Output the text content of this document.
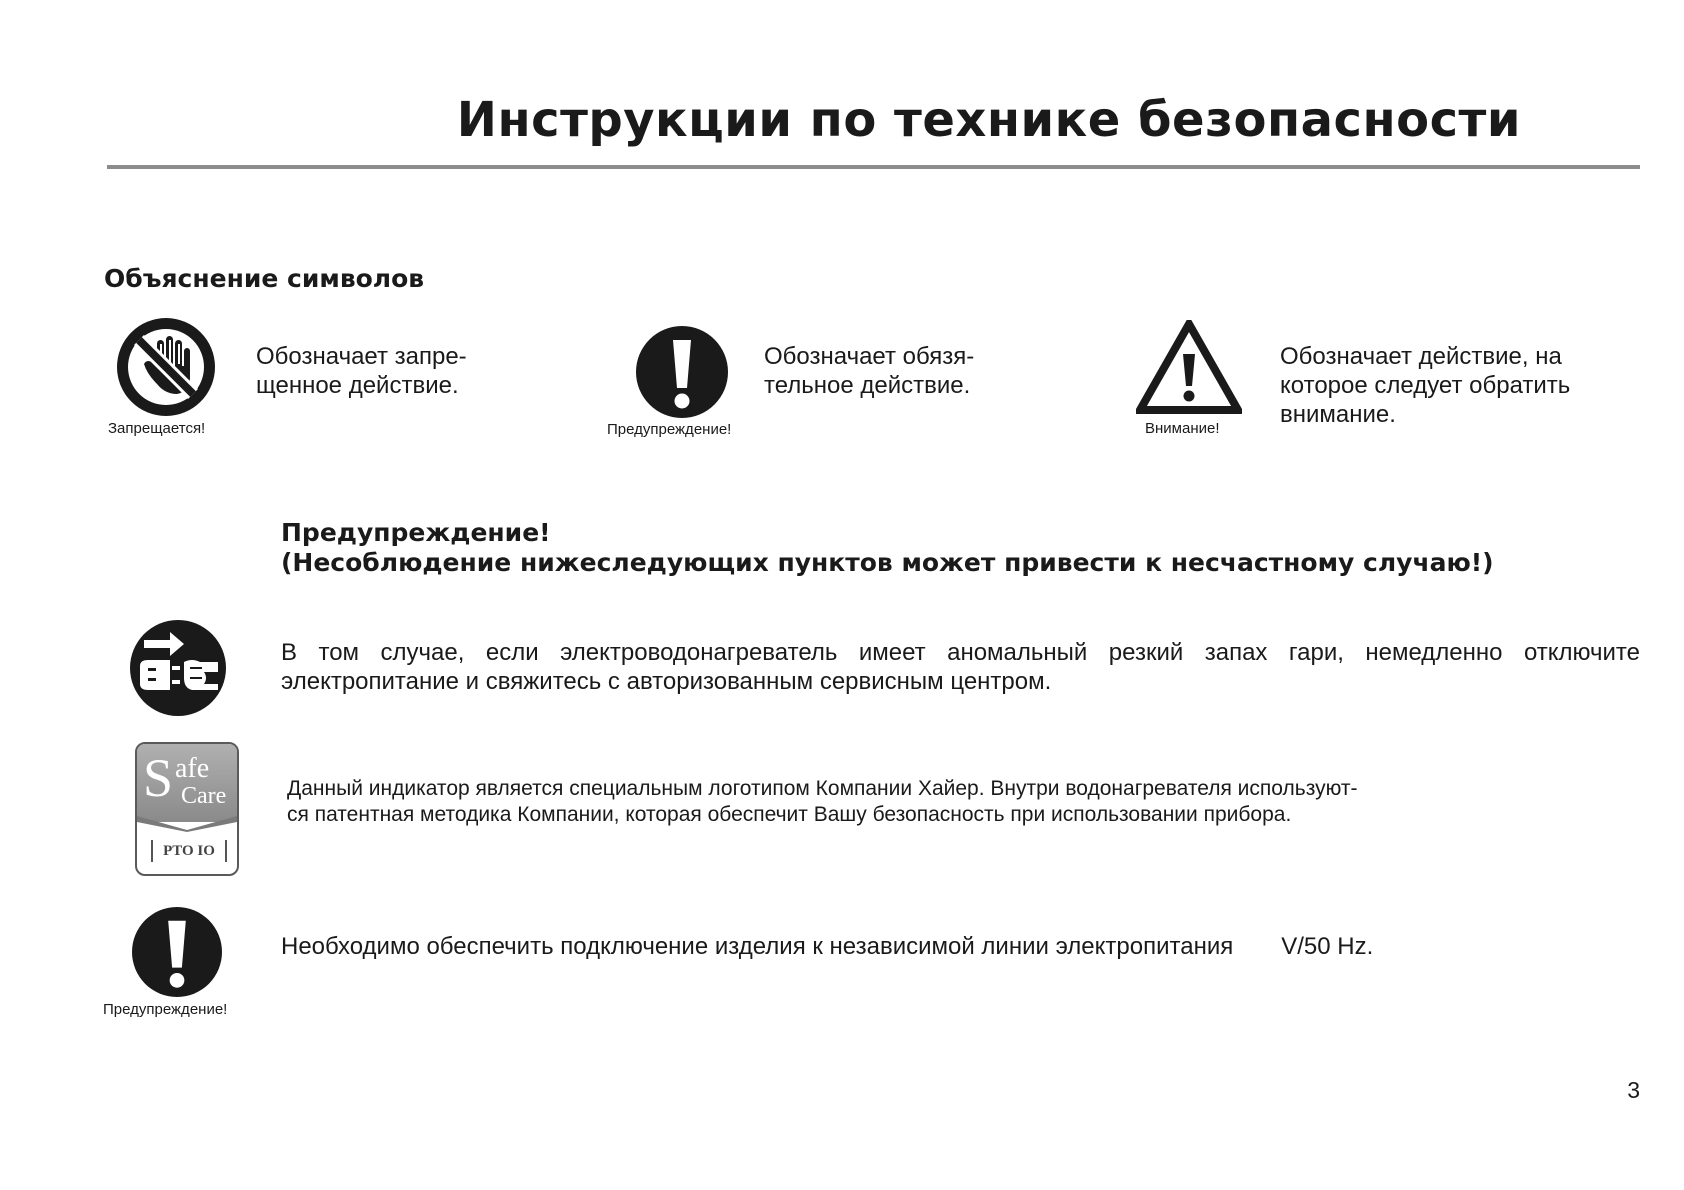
Инструкции по технике безопасности
Объяснение символов
Запрещается!
Обозначает запре-
щенное действие.
Предупреждение!
Обозначает обязя-
тельное действие.
Внимание!
Обозначает действие, на
которое следует обратить
внимание.
Предупреждение!
(Несоблюдение нижеследующих пунктов может привести к несчастному случаю!)
В том случае, если электроводонагреватель имеет аномальный резкий запах гари, немедленно отключите электропитание и свяжитесь с авторизованным сервисным центром.
S afe
Care
PTO IO
Данный индикатор является специальным логотипом Компании Хайер. Внутри водонагревателя используют-
ся патентная методика Компании, которая обеспечит Вашу безопасность при использовании прибора.
Предупреждение!
Необходимо обеспечить подключение изделия к независимой линии электропитания V/50 Hz.
3
